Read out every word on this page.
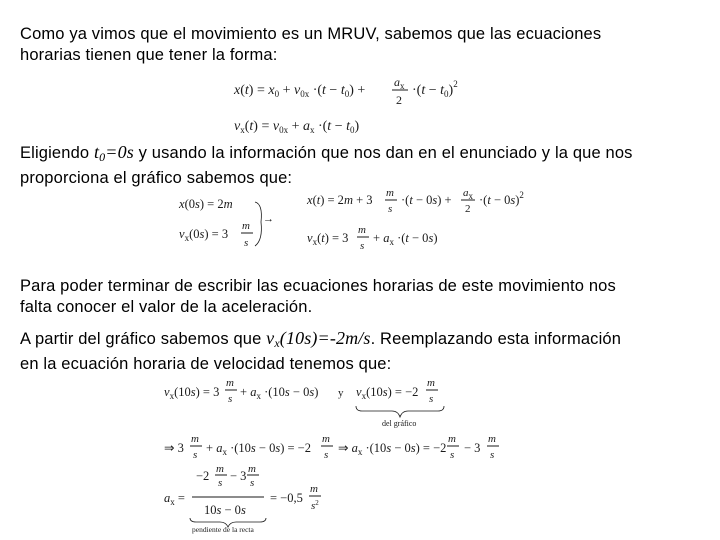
Como ya vimos que el movimiento es un MRUV, sabemos que las ecuaciones

horarias tienen que tener la forma:

$x(t) = x_0 + v_{0x} \cdot(t - t_0)$ +
$a_x$
2
$\cdot(t - t_0)^2$
$v_x(t) = v_{0x} + a_x \cdot(t - t_0)$

Eligiendo t0=0s y usando la información que nos dan en el enunciado y la que nos

proporciona el gráfico sabemos que:

x(0s) = 2m
$v_x(0s) = 3$
m
s
→
x(t) = 2m + 3 m
s
$\cdot(t - 0s) + a_x$
2
$\cdot(t - 0s)^2$
$v_x(t) = 3$
m
s
+ $a_x \cdot(t - 0s)$

Para poder terminar de escribir las ecuaciones horarias de este movimiento nos

falta conocer el valor de la aceleración.

A partir del gráfico sabemos que vx(10s)=-2m/s. Reemplazando esta información

en la ecuación horaria de velocidad tenemos que:

$v_x(10s) = 3$
m
$s + a_x \cdot(10s - 0s)$ y $v_x(10s) = -2$
m
s
del gráfico
⇒ 3
m
$s + a_x \cdot(10s - 0s) = -2$
m
s ⇒ $a_x \cdot(10s - 0s) = -2$
m
s − 3
m
s
$a_x$ =
−2 m
s − 3 m
s
10s − 0s
= −0,5
m
$s^2$
pendiente de la recta
